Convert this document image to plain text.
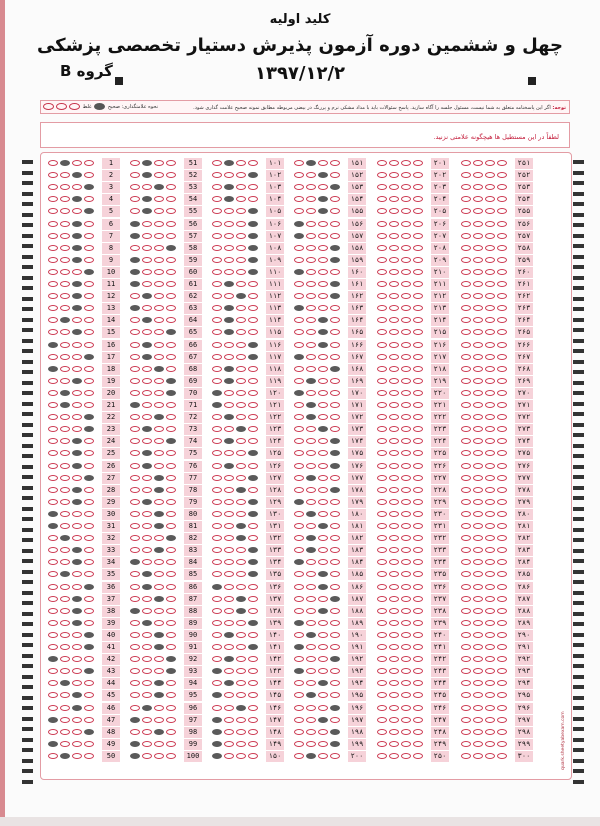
کلید اولیه
چهل و ششمین دوره آزمون پذیرش دستیار تخصصی پزشکی
۱۳۹۷/۱۲/۲
گروه B
توجه: اگر این پاسخنامه متعلق به شما نیست، مسئول جلسه را آگاه سازید. پاسخ سئوالات باید با مداد مشکی نرم و پررنگ در بیضی مربوطه مطابق نمونه صحیح علامت گذاری شود.
نحوه علامتگذاری: صحیح  غلط
لطفاً در این مستطیل ها هیچگونه علامتی نزنید.
1
2
3
4
5
6
7
8
9
10
11
12
13
14
15
16
17
18
19
20
21
22
23
24
25
26
27
28
29
30
31
32
33
34
35
36
37
38
39
40
41
42
43
44
45
46
47
48
49
50
51
52
53
54
55
56
57
58
59
60
61
62
63
64
65
66
67
68
69
70
71
72
73
74
75
76
77
78
79
80
81
82
83
84
85
86
87
88
89
90
91
92
93
94
95
96
97
98
99
100
۱۰۱
۱۰۲
۱۰۳
۱۰۴
۱۰۵
۱۰۶
۱۰۷
۱۰۸
۱۰۹
۱۱۰
۱۱۱
۱۱۲
۱۱۳
۱۱۴
۱۱۵
۱۱۶
۱۱۷
۱۱۸
۱۱۹
۱۲۰
۱۲۱
۱۲۲
۱۲۳
۱۲۴
۱۲۵
۱۲۶
۱۲۷
۱۲۸
۱۲۹
۱۳۰
۱۳۱
۱۳۲
۱۳۳
۱۳۴
۱۳۵
۱۳۶
۱۳۷
۱۳۸
۱۳۹
۱۴۰
۱۴۱
۱۴۲
۱۴۳
۱۴۴
۱۴۵
۱۴۶
۱۴۷
۱۴۸
۱۴۹
۱۵۰
۱۵۱
۱۵۲
۱۵۳
۱۵۴
۱۵۵
۱۵۶
۱۵۷
۱۵۸
۱۵۹
۱۶۰
۱۶۱
۱۶۲
۱۶۳
۱۶۴
۱۶۵
۱۶۶
۱۶۷
۱۶۸
۱۶۹
۱۷۰
۱۷۱
۱۷۲
۱۷۳
۱۷۴
۱۷۵
۱۷۶
۱۷۷
۱۷۸
۱۷۹
۱۸۰
۱۸۱
۱۸۲
۱۸۳
۱۸۴
۱۸۵
۱۸۶
۱۸۷
۱۸۸
۱۸۹
۱۹۰
۱۹۱
۱۹۲
۱۹۳
۱۹۴
۱۹۵
۱۹۶
۱۹۷
۱۹۸
۱۹۹
۲۰۰
۲۰۱
۲۰۲
۲۰۳
۲۰۴
۲۰۵
۲۰۶
۲۰۷
۲۰۸
۲۰۹
۲۱۰
۲۱۱
۲۱۲
۲۱۳
۲۱۴
۲۱۵
۲۱۶
۲۱۷
۲۱۸
۲۱۹
۲۲۰
۲۲۱
۲۲۲
۲۲۳
۲۲۴
۲۲۵
۲۲۶
۲۲۷
۲۲۸
۲۲۹
۲۳۰
۲۳۱
۲۳۲
۲۳۳
۲۳۴
۲۳۵
۲۳۶
۲۳۷
۲۳۸
۲۳۹
۲۴۰
۲۴۱
۲۴۲
۲۴۳
۲۴۴
۲۴۵
۲۴۶
۲۴۷
۲۴۸
۲۴۹
۲۵۰
۲۵۱
۲۵۲
۲۵۳
۲۵۴
۲۵۵
۲۵۶
۲۵۷
۲۵۸
۲۵۹
۲۶۰
۲۶۱
۲۶۲
۲۶۳
۲۶۴
۲۶۵
۲۶۶
۲۶۷
۲۶۸
۲۶۹
۲۷۰
۲۷۱
۲۷۲
۲۷۳
۲۷۴
۲۷۵
۲۷۶
۲۷۷
۲۷۸
۲۷۹
۲۸۰
۲۸۱
۲۸۲
۲۸۳
۲۸۴
۲۸۵
۲۸۶
۲۸۷
۲۸۸
۲۸۹
۲۹۰
۲۹۱
۲۹۲
۲۹۳
۲۹۴
۲۹۵
۲۹۶
۲۹۷
۲۹۸
۲۹۹
۳۰۰	quark.sheetyabexam.com
